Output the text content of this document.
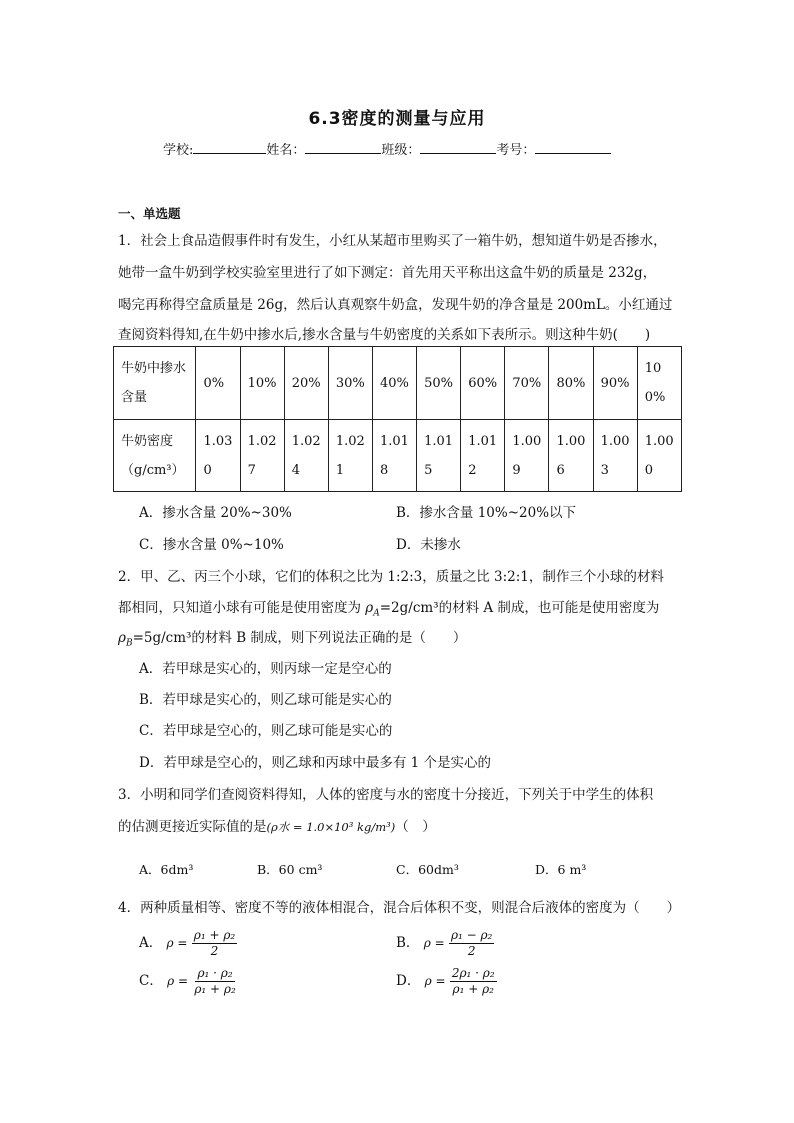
6.3密度的测量与应用
学校:	姓名：	班级：	考号：
一、单选题
1．社会上食品造假事件时有发生，小红从某超市里购买了一箱牛奶，想知道牛奶是否掺水，
她带一盒牛奶到学校实验室里进行了如下测定：首先用天平称出这盒牛奶的质量是 232g，
喝完再称得空盒质量是 26g，然后认真观察牛奶盒，发现牛奶的净含量是 200mL。小红通过
查阅资料得知,在牛奶中掺水后,掺水含量与牛奶密度的关系如下表所示。则这种牛奶(　　)
牛奶中掺水含量	0%	10%	20%	30%	40%	50%	60%	70%	80%	90%	100%
牛奶密度（g/cm³）	1.030	1.027	1.024	1.021	1.018	1.015	1.012	1.009	1.006	1.003	1.000
A．掺水含量 20%~30%	B．掺水含量 10%~20%以下
C．掺水含量 0%~10%	D．未掺水
2．甲、乙、丙三个小球，它们的体积之比为 1:2:3，质量之比 3:2:1，制作三个小球的材料
都相同，只知道小球有可能是使用密度为 $\rho_A=2g$/cm³的材料 A 制成，也可能是使用密度为
$\rho_B=5g$/cm³的材料 B 制成，则下列说法正确的是（　　）
A．若甲球是实心的，则丙球一定是空心的
B．若甲球是实心的，则乙球可能是实心的
C．若甲球是空心的，则乙球可能是实心的
D．若甲球是空心的，则乙球和丙球中最多有 1 个是实心的
3．小明和同学们查阅资料得知，人体的密度与水的密度十分接近，下列关于中学生的体积
的估测更接近实际值的是(ρ水 = 1.0×10³ kg/m³)（　）
A．6dm³	B．60 cm³	C．60dm³	D．6 m³
4．两种质量相等、密度不等的液体相混合，混合后体积不变，则混合后液体的密度为（　　）
A． $\rho = \frac{\text{ρ₁ + ρ₂}}{2}$	B． $\rho = \frac{\text{ρ₁ − ρ₂}}{2}$
C． $\rho = \frac{\text{ρ₁ · ρ₂}}{\text{ρ₁ + ρ₂}}$	D． $\rho = \frac{\text{2ρ₁ · ρ₂}}{\text{ρ₁ + ρ₂}}$
